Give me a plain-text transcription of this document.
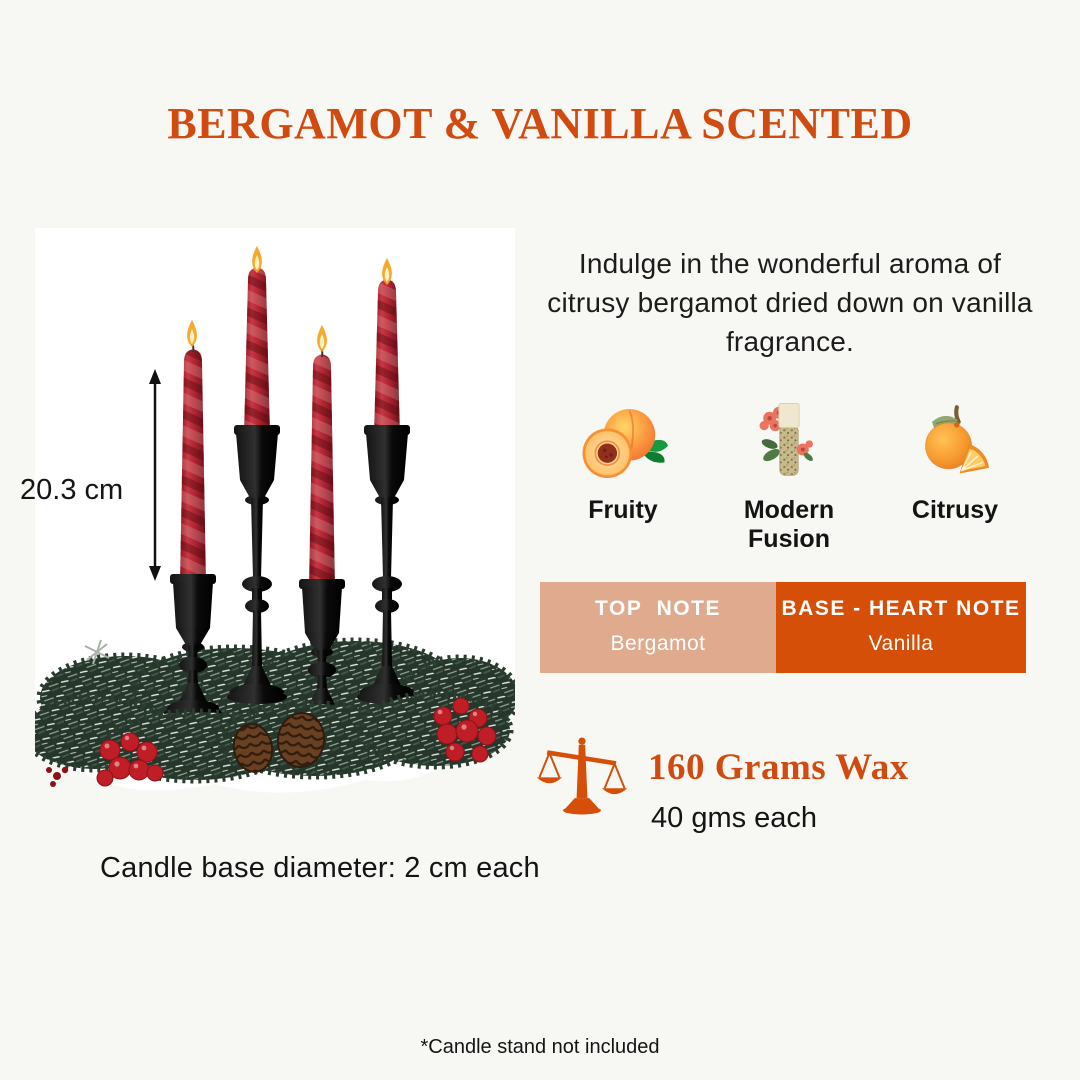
BERGAMOT & VANILLA SCENTED
20.3 cm

Indulge in the wonderful aroma of citrusy bergamot dried down on vanilla fragrance.

Fruity	Modern Fusion
Citrusy
TOP  NOTE
Bergamot
BASE - HEART NOTE
Vanilla
160 Grams Wax
40 gms each
Candle base diameter: 2 cm each
*Candle stand not included
